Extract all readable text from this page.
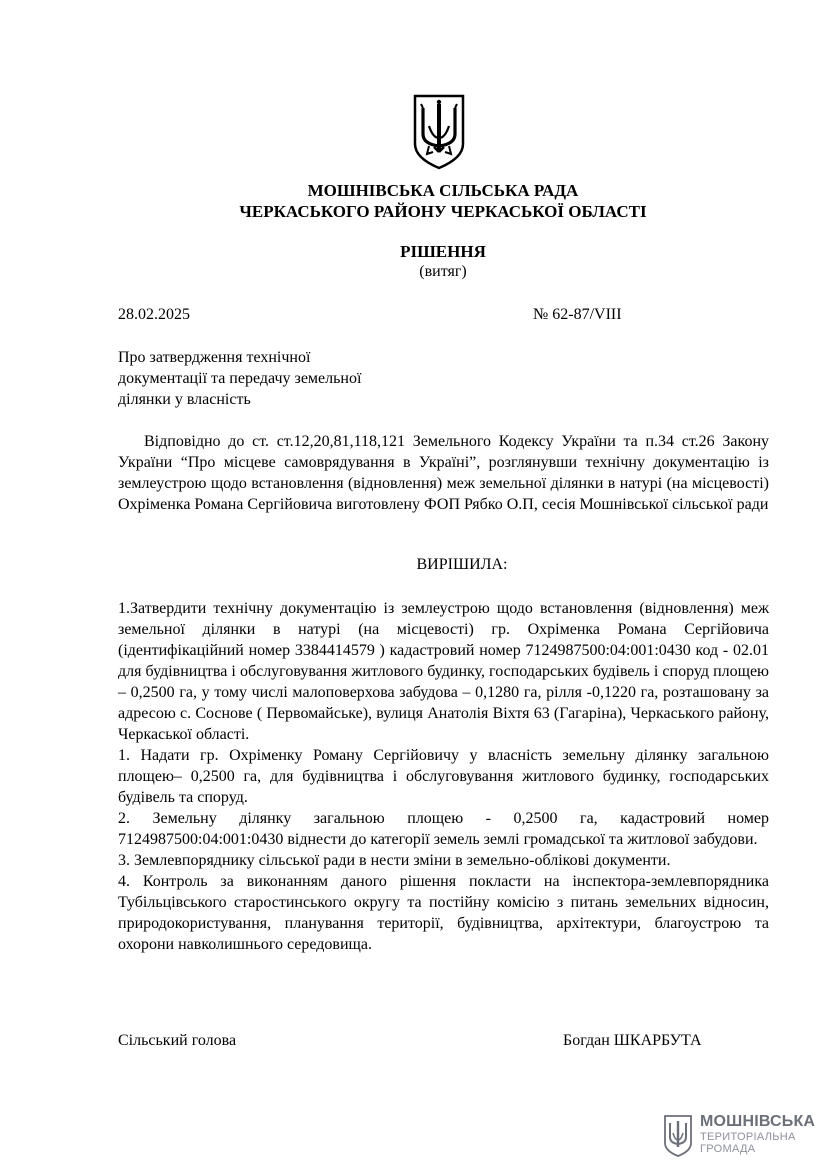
МОШНІВСЬКА СІЛЬСЬКА РАДА
ЧЕРКАСЬКОГО РАЙОНУ ЧЕРКАСЬКОЇ ОБЛАСТІ
РІШЕННЯ
(витяг)
28.02.2025	№ 62-87/VIII
Про затвердження технічної
документації та передачу земельної
ділянки у власність
Відповідно до ст. ст.12,20,81,118,121 Земельного Кодексу України та п.34 ст.26 Закону України “Про місцеве самоврядування в Україні”, розглянувши технічну документацію із землеустрою щодо встановлення (відновлення) меж земельної ділянки в натурі (на місцевості) Охріменка Романа Сергійовича виготовлену ФОП Рябко О.П, сесія Мошнівської сільської ради
ВИРІШИЛА:

1.Затвердити технічну документацію із землеустрою щодо встановлення (відновлення) меж земельної ділянки в натурі (на місцевості) гр. Охріменка Романа Сергійовича (ідентифікаційний номер 3384414579 ) кадастровий номер 7124987500:04:001:0430 код - 02.01 для будівництва і обслуговування житлового будинку, господарських будівель і споруд площею – 0,2500 га, у тому числі малоповерхова забудова – 0,1280 га, рілля -0,1220 га, розташовану за адресою с. Соснове ( Первомайське), вулиця Анатолія Віхтя 63 (Гагаріна), Черкаського району, Черкаської області.

1. Надати гр. Охріменку Роману Сергійовичу у власність земельну ділянку загальною площею– 0,2500 га, для будівництва і обслуговування житлового будинку, господарських будівель та споруд.

2. Земельну ділянку загальною площею - 0,2500 га, кадастровий номер 7124987500:04:001:0430 віднести до категорії земель землі громадської та житлової забудови.

3. Землевпоряднику сільської ради в нести зміни в земельно-облікові документи.

4. Контроль за виконанням даного рішення покласти на інспектора-землевпорядника Тубільцівського старостинського округу та постійну комісію з питань земельних відносин, природокористування, планування території, будівництва, архітектури, благоустрою та охорони навколишнього середовища.

Сільський голова	Богдан ШКАРБУТА
МОШНІВСЬКА
ТЕРИТОРІАЛЬНА
ГРОМАДА
